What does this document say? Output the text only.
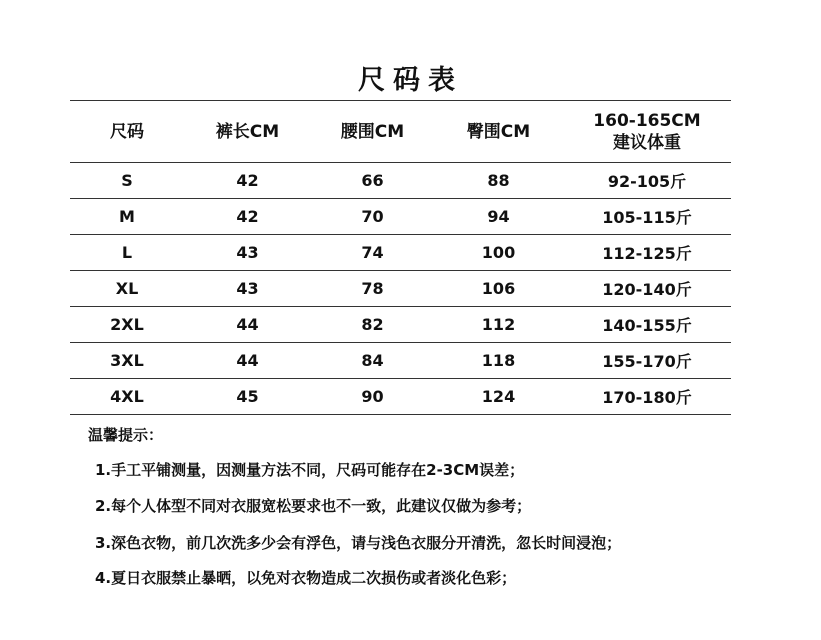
尺码表
尺码	裤长CM	腰围CM	臀围CM	160-165CM
建议体重

S	42	66	88	92-105斤
M	42	70	94	105-115斤
L	43	74	100	112-125斤
XL	43	78	106	120-140斤
2XL	44	82	112	140-155斤
3XL	44	84	118	155-170斤
4XL	45	90	124	170-180斤
温馨提示：
1.手工平铺测量，因测量方法不同，尺码可能存在2-3CM误差；
2.每个人体型不同对衣服宽松要求也不一致，此建议仅做为参考；
3.深色衣物，前几次洗多少会有浮色，请与浅色衣服分开清洗，忽长时间浸泡；
4.夏日衣服禁止暴晒，以免对衣物造成二次损伤或者淡化色彩；
